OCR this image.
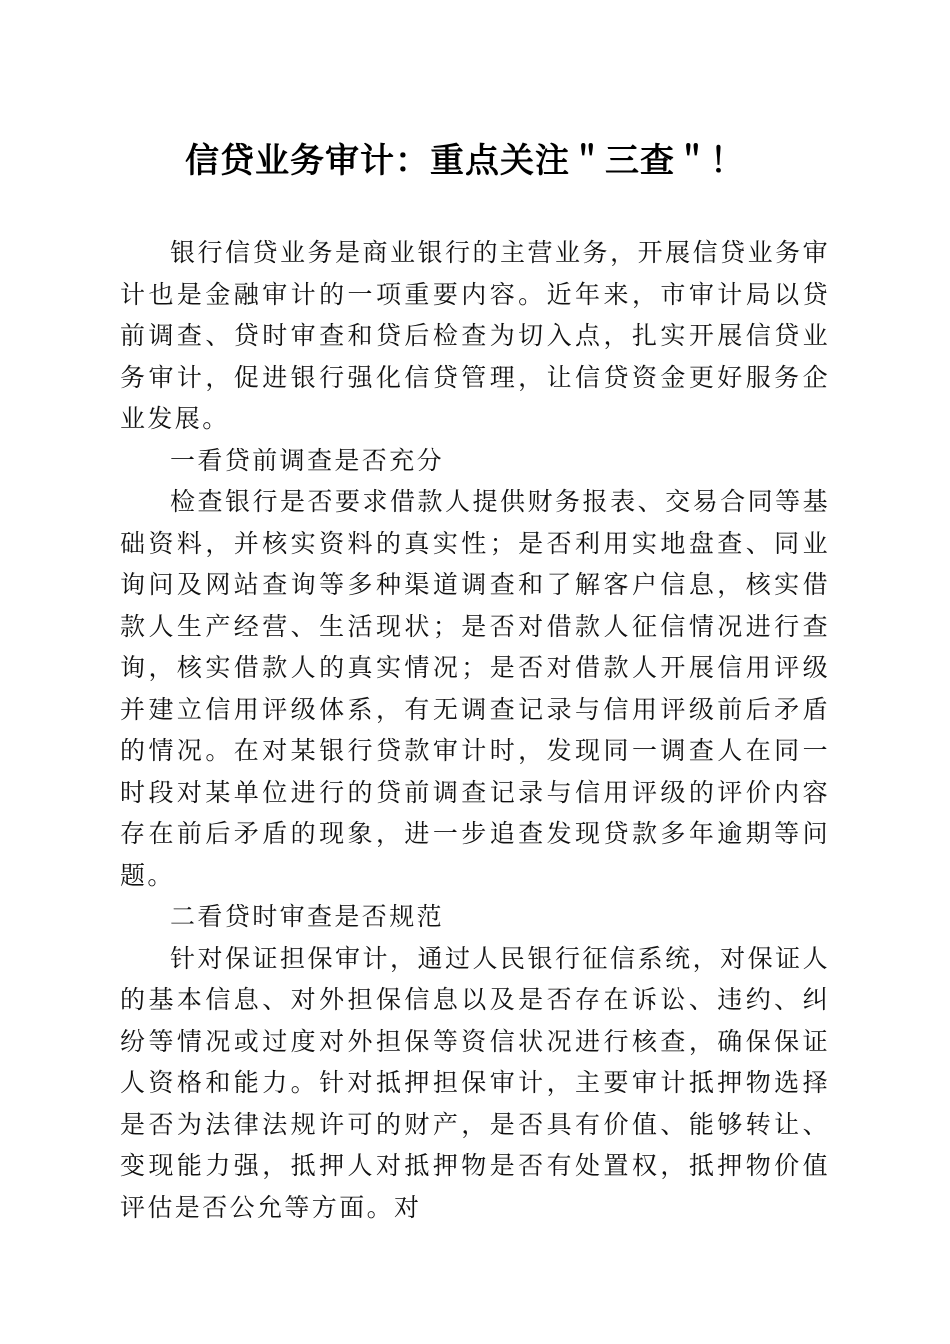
信贷业务审计：重点关注＂三查＂！

银行信贷业务是商业银行的主营业务，开展信贷业务审计也是金融审计的一项重要内容。近年来，市审计局以贷前调查、贷时审查和贷后检查为切入点，扎实开展信贷业务审计，促进银行强化信贷管理，让信贷资金更好服务企业发展。

一看贷前调查是否充分

检查银行是否要求借款人提供财务报表、交易合同等基础资料，并核实资料的真实性；是否利用实地盘查、同业询问及网站查询等多种渠道调查和了解客户信息，核实借款人生产经营、生活现状；是否对借款人征信情况进行查询，核实借款人的真实情况；是否对借款人开展信用评级并建立信用评级体系，有无调查记录与信用评级前后矛盾的情况。在对某银行贷款审计时，发现同一调查人在同一时段对某单位进行的贷前调查记录与信用评级的评价内容存在前后矛盾的现象，进一步追查发现贷款多年逾期等问题。

二看贷时审查是否规范

针对保证担保审计，通过人民银行征信系统，对保证人的基本信息、对外担保信息以及是否存在诉讼、违约、纠纷等情况或过度对外担保等资信状况进行核查，确保保证人资格和能力。针对抵押担保审计，主要审计抵押物选择是否为法律法规许可的财产，是否具有价值、能够转让、变现能力强，抵押人对抵押物是否有处置权，抵押物价值评估是否公允等方面。对
